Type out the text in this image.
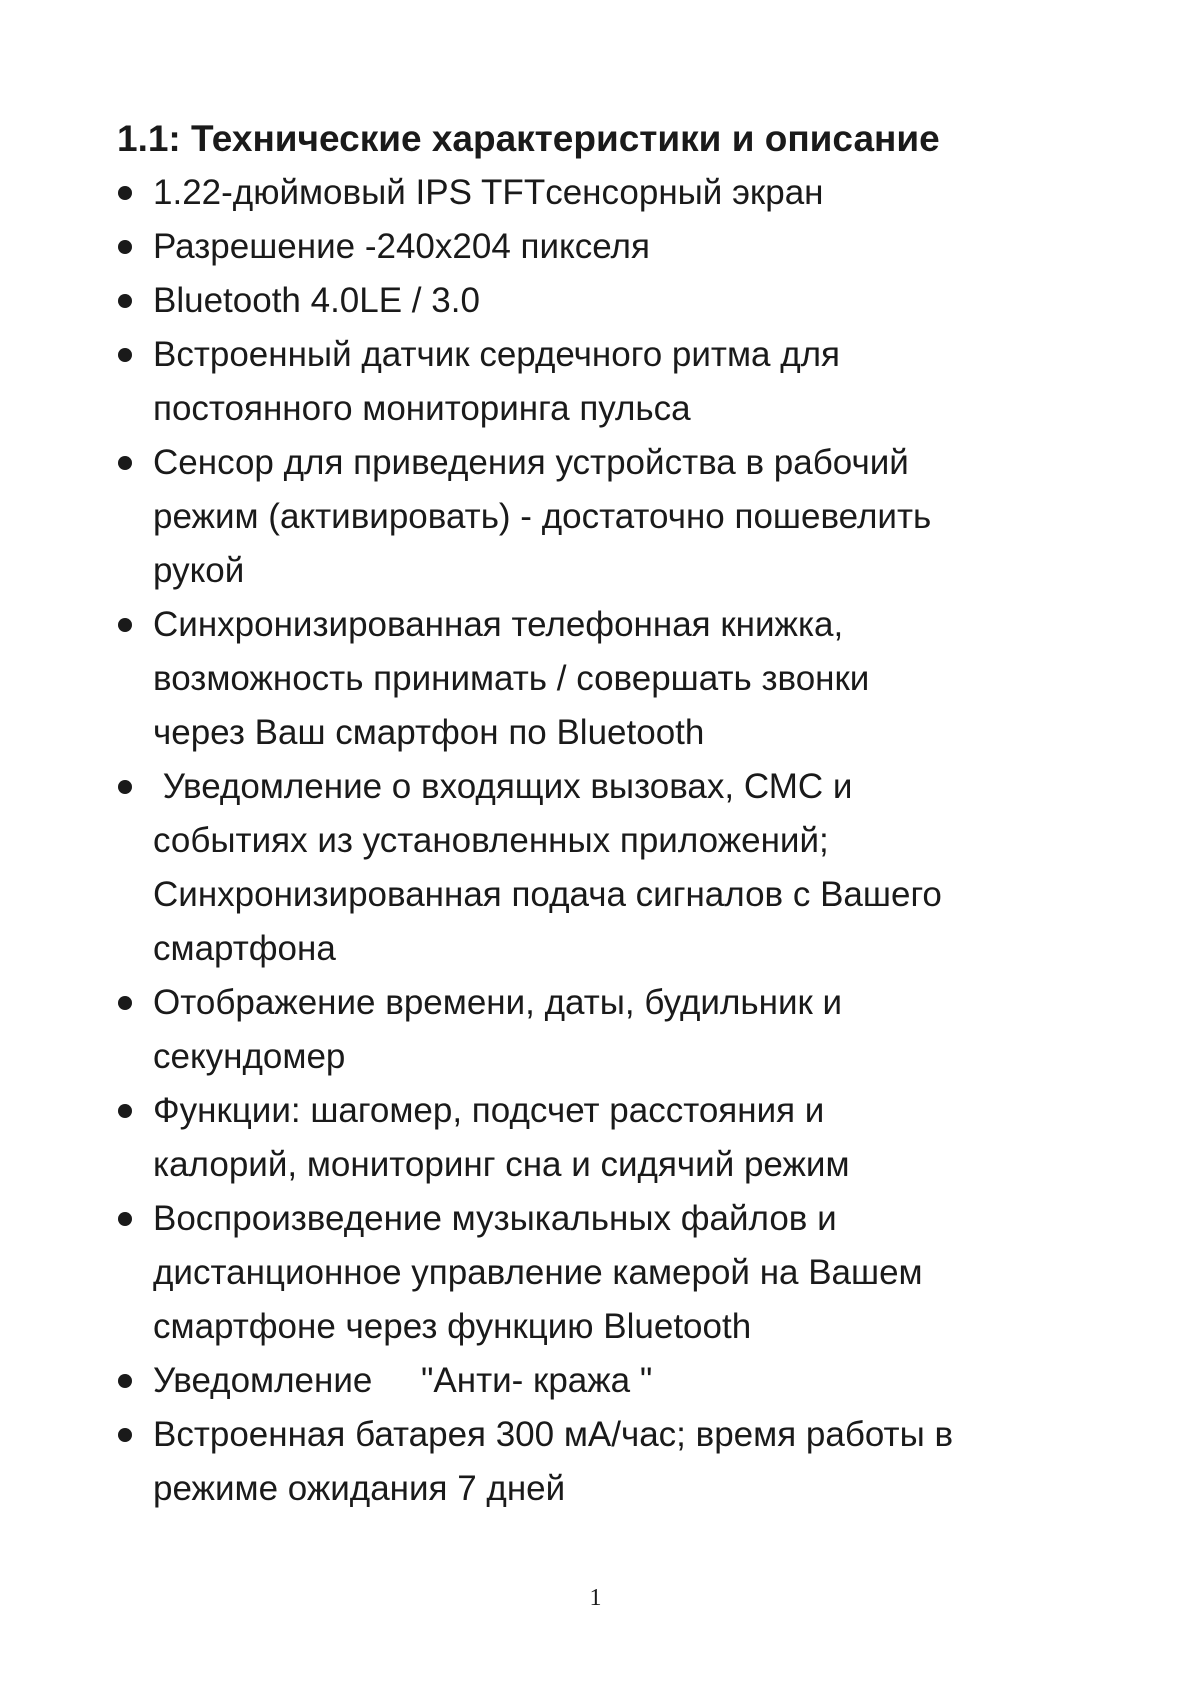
1.1: Технические характеристики и описание
1.22-дюймовый IPS TFTсенсорный экран
Разрешение -240x204 пикселя
Bluetooth 4.0LE / 3.0
Встроенный датчик сердечного ритма для
постоянного мониторинга пульса
Сенсор для приведения устройства в рабочий
режим (активировать) - достаточно пошевелить
рукой
Синхронизированная телефонная книжка,
возможность принимать / совершать звонки
через Ваш смартфон по Bluetooth
Уведомление о входящих вызовах, СМС и
событиях из установленных приложений;
Синхронизированная подача сигналов с Вашего
смартфона
Отображение времени, даты, будильник и
секундомер
Функции: шагомер, подсчет расстояния и
калорий, мониторинг сна и сидячий режим
Воспроизведение музыкальных файлов и
дистанционное управление камерой на Вашем
смартфоне через функцию Bluetooth
Уведомление     "Анти- кража "
Встроенная батарея 300 мА/час; время работы в
режиме ожидания 7 дней
1
